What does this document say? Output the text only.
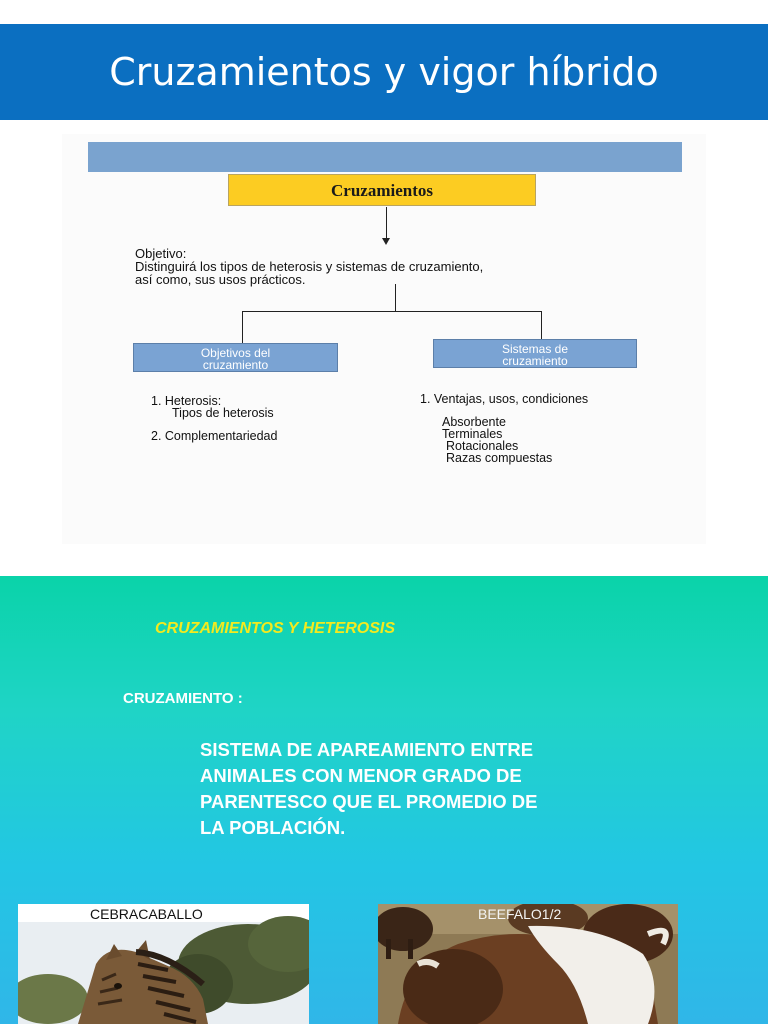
Cruzamientos y vigor híbrido
Cruzamientos
Objetivo:
Distinguirá los tipos de heterosis y sistemas de cruzamiento,
así como, sus usos prácticos.
Objetivos del
cruzamiento
Sistemas de
cruzamiento
1. Heterosis:
Tipos de heterosis
2. Complementariedad
1. Ventajas, usos, condiciones
Absorbente
Terminales
Rotacionales
Razas compuestas
CRUZAMIENTOS Y HETEROSIS
CRUZAMIENTO :
SISTEMA DE APAREAMIENTO ENTRE
ANIMALES CON MENOR GRADO DE
PARENTESCO QUE EL PROMEDIO DE
LA POBLACIÓN.
CEBRACABALLO	BEEFALO1/2
